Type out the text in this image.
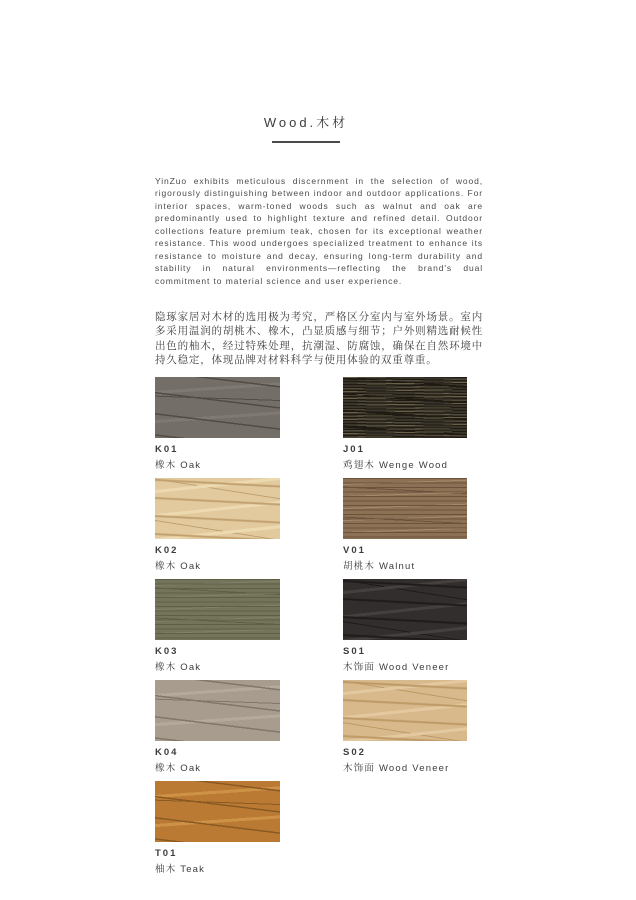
Wood.木材

YinZuo exhibits meticulous discernment in the selection of wood, rigorously distinguishing between indoor and outdoor applications. For interior spaces, warm-toned woods such as walnut and oak are predominantly used to highlight texture and refined detail. Outdoor collections feature premium teak, chosen for its exceptional weather resistance. This wood undergoes specialized treatment to enhance its resistance to moisture and decay, ensuring long-term durability and stability in natural environments—reflecting the brand's dual commitment to material science and user experience.

隐琢家居对木材的选用极为考究，严格区分室内与室外场景。室内多采用温润的胡桃木、橡木，凸显质感与细节；户外则精选耐候性出色的柚木，经过特殊处理，抗潮湿、防腐蚀，确保在自然环境中持久稳定，体现品牌对材料科学与使用体验的双重尊重。

K01
橡木 Oak
J01
鸡翅木 Wenge Wood
K02
橡木 Oak
V01
胡桃木 Walnut
K03
橡木 Oak
S01
木饰面 Wood Veneer
K04
橡木 Oak
S02
木饰面 Wood Veneer
T01
柚木 Teak
